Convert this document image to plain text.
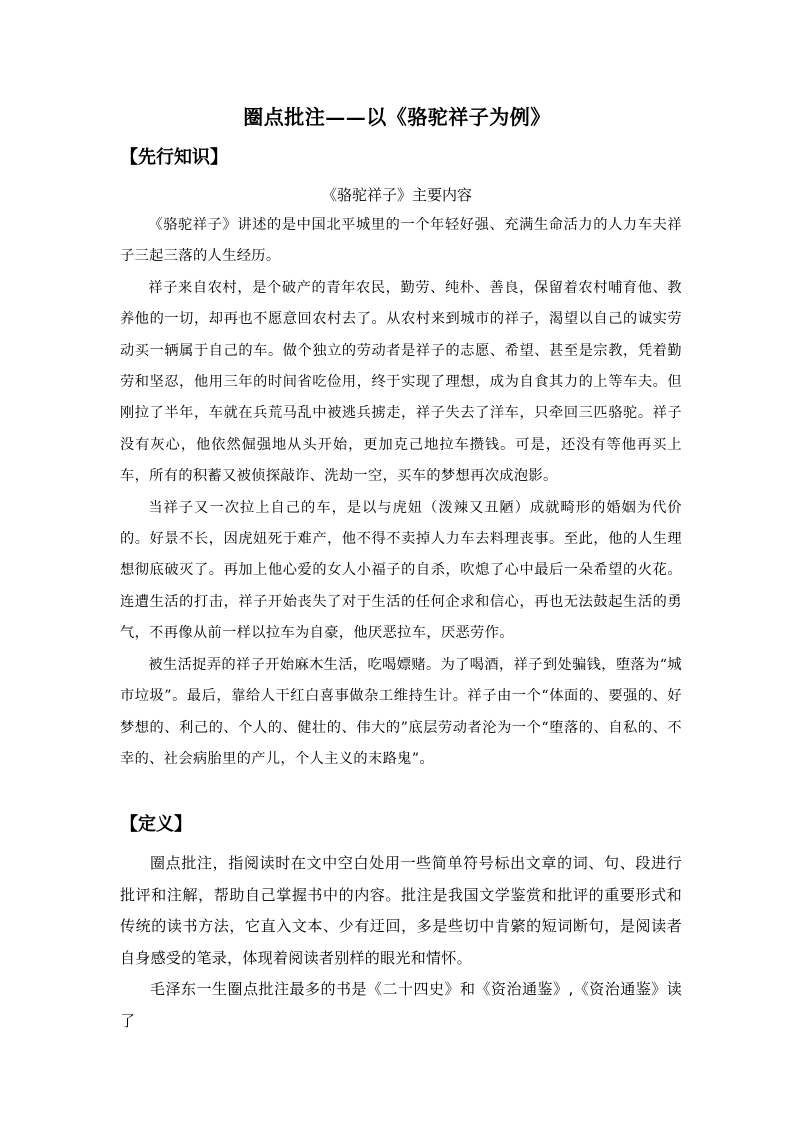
圈点批注——以《骆驼祥子为例》
【先行知识】
《骆驼祥子》主要内容

《骆驼祥子》讲述的是中国北平城里的一个年轻好强、充满生命活力的人力车夫祥子三起三落的人生经历。

祥子来自农村，是个破产的青年农民，勤劳、纯朴、善良，保留着农村哺育他、教养他的一切，却再也不愿意回农村去了。从农村来到城市的祥子，渴望以自己的诚实劳动买一辆属于自己的车。做个独立的劳动者是祥子的志愿、希望、甚至是宗教，凭着勤劳和坚忍，他用三年的时间省吃俭用，终于实现了理想，成为自食其力的上等车夫。但刚拉了半年，车就在兵荒马乱中被逃兵掳走，祥子失去了洋车，只牵回三匹骆驼。祥子没有灰心，他依然倔强地从头开始，更加克己地拉车攒钱。可是，还没有等他再买上车，所有的积蓄又被侦探敲诈、洗劫一空，买车的梦想再次成泡影。

当祥子又一次拉上自己的车，是以与虎妞（泼辣又丑陋）成就畸形的婚姻为代价的。好景不长，因虎妞死于难产，他不得不卖掉人力车去料理丧事。至此，他的人生理想彻底破灭了。再加上他心爱的女人小福子的自杀，吹熄了心中最后一朵希望的火花。连遭生活的打击，祥子开始丧失了对于生活的任何企求和信心，再也无法鼓起生活的勇气，不再像从前一样以拉车为自豪，他厌恶拉车，厌恶劳作。

被生活捉弄的祥子开始麻木生活，吃喝嫖赌。为了喝酒，祥子到处骗钱，堕落为“城市垃圾”。最后，靠给人干红白喜事做杂工维持生计。祥子由一个“体面的、要强的、好梦想的、利己的、个人的、健壮的、伟大的”底层劳动者沦为一个“堕落的、自私的、不幸的、社会病胎里的产儿，个人主义的末路鬼”。

【定义】

圈点批注，指阅读时在文中空白处用一些简单符号标出文章的词、句、段进行批评和注解，帮助自己掌握书中的内容。批注是我国文学鉴赏和批评的重要形式和传统的读书方法，它直入文本、少有迂回，多是些切中肯綮的短词断句，是阅读者自身感受的笔录，体现着阅读者别样的眼光和情怀。

毛泽东一生圈点批注最多的书是《二十四史》和《资治通鉴》,《资治通鉴》读了
